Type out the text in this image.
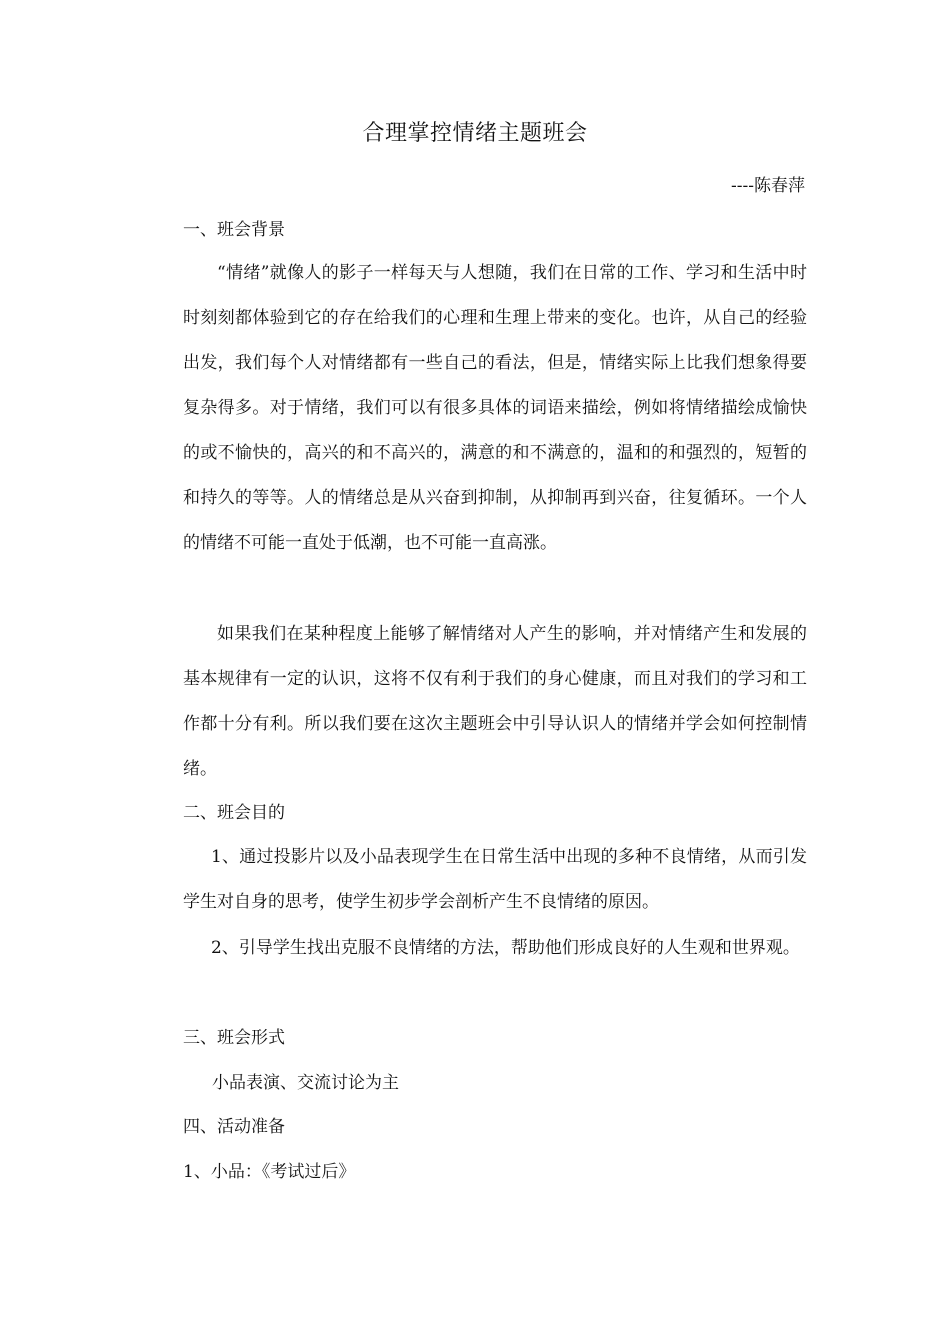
合理掌控情绪主题班会
----陈春萍
一、班会背景
“情绪”就像人的影子一样每天与人想随，我们在日常的工作、学习和生活中时时刻刻都体验到它的存在给我们的心理和生理上带来的变化。也许，从自己的经验出发，我们每个人对情绪都有一些自己的看法，但是，情绪实际上比我们想象得要复杂得多。对于情绪，我们可以有很多具体的词语来描绘，例如将情绪描绘成愉快的或不愉快的，高兴的和不高兴的，满意的和不满意的，温和的和强烈的，短暂的和持久的等等。人的情绪总是从兴奋到抑制，从抑制再到兴奋，往复循环。一个人的情绪不可能一直处于低潮，也不可能一直高涨。
如果我们在某种程度上能够了解情绪对人产生的影响，并对情绪产生和发展的基本规律有一定的认识，这将不仅有利于我们的身心健康，而且对我们的学习和工作都十分有利。所以我们要在这次主题班会中引导认识人的情绪并学会如何控制情绪。
二、班会目的
1、通过投影片以及小品表现学生在日常生活中出现的多种不良情绪，从而引发学生对自身的思考，使学生初步学会剖析产生不良情绪的原因。
2、引导学生找出克服不良情绪的方法，帮助他们形成良好的人生观和世界观。
三、班会形式
小品表演、交流讨论为主
四、活动准备
1、小品：《考试过后》
